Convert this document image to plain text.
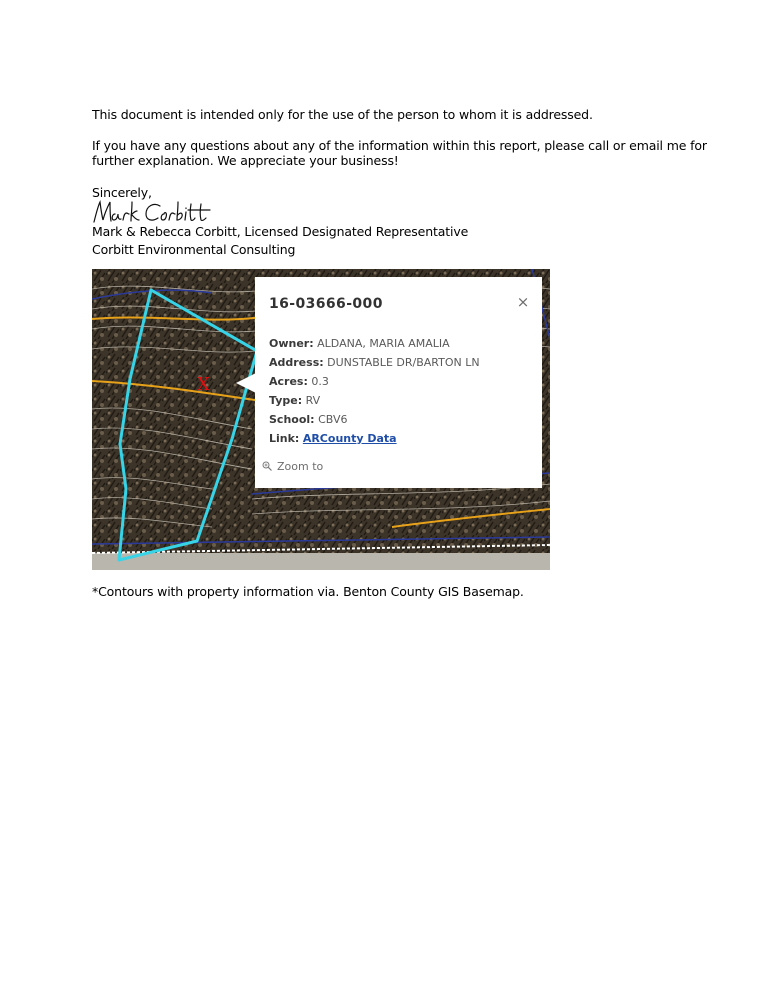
This document is intended only for the use of the person to whom it is addressed.
If you have any questions about any of the information within this report, please call or email me for
further explanation. We appreciate your business!
Sincerely,
Mark & Rebecca Corbitt, Licensed Designated Representative
Corbitt Environmental Consulting
X
16-03666-000	×
Owner: ALDANA, MARIA AMALIA
Address: DUNSTABLE DR/BARTON LN
Acres: 0.3
Type: RV
School: CBV6
Link: ARCounty Data
Zoom to
*Contours with property information via. Benton County GIS Basemap.
